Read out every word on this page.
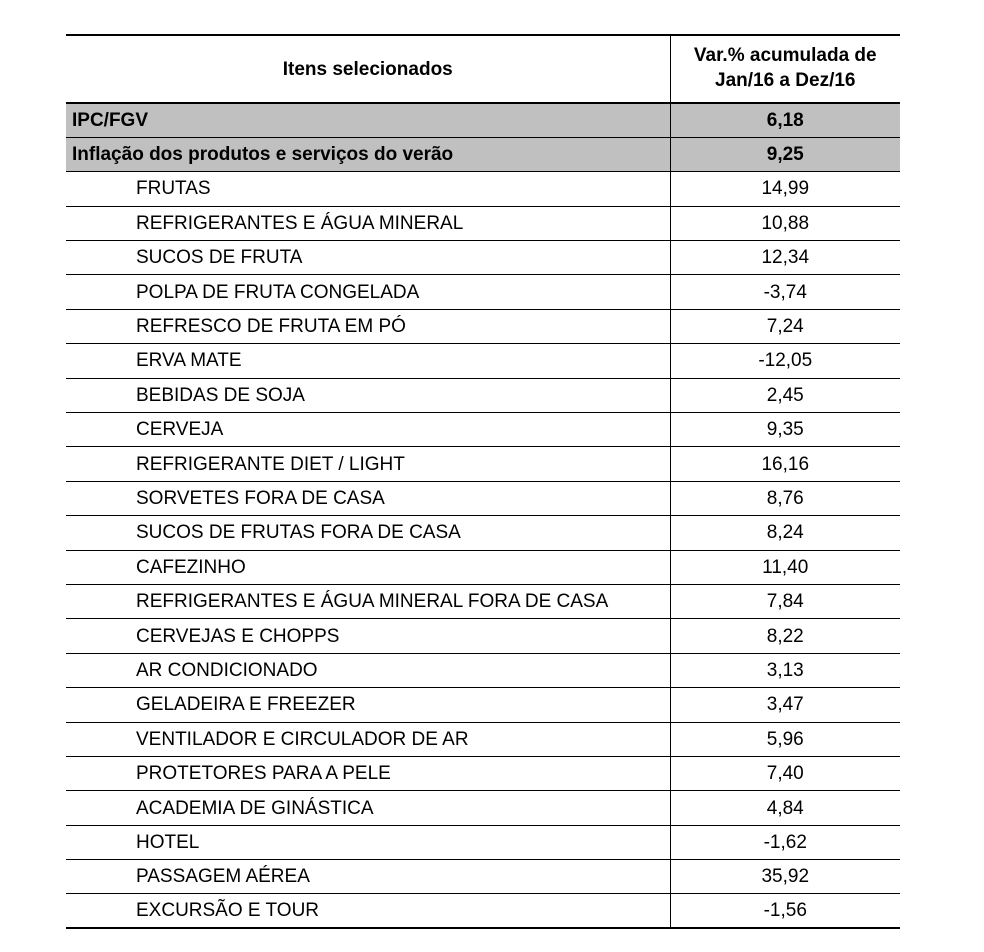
Itens selecionados	Var.% acumulada de
Jan/16 a Dez/16
IPC/FGV	6,18
Inflação dos produtos e serviços do verão	9,25
FRUTAS	14,99
REFRIGERANTES E ÁGUA MINERAL	10,88
SUCOS DE FRUTA	12,34
POLPA DE FRUTA CONGELADA	-3,74
REFRESCO DE FRUTA EM PÓ	7,24
ERVA MATE	-12,05
BEBIDAS DE SOJA	2,45
CERVEJA	9,35
REFRIGERANTE DIET / LIGHT	16,16
SORVETES FORA DE CASA	8,76
SUCOS DE FRUTAS FORA DE CASA	8,24
CAFEZINHO	11,40
REFRIGERANTES E ÁGUA MINERAL FORA DE CASA	7,84
CERVEJAS E CHOPPS	8,22
AR CONDICIONADO	3,13
GELADEIRA E FREEZER	3,47
VENTILADOR E CIRCULADOR DE AR	5,96
PROTETORES PARA A PELE	7,40
ACADEMIA DE GINÁSTICA	4,84
HOTEL	-1,62
PASSAGEM AÉREA	35,92
EXCURSÃO E TOUR	-1,56
